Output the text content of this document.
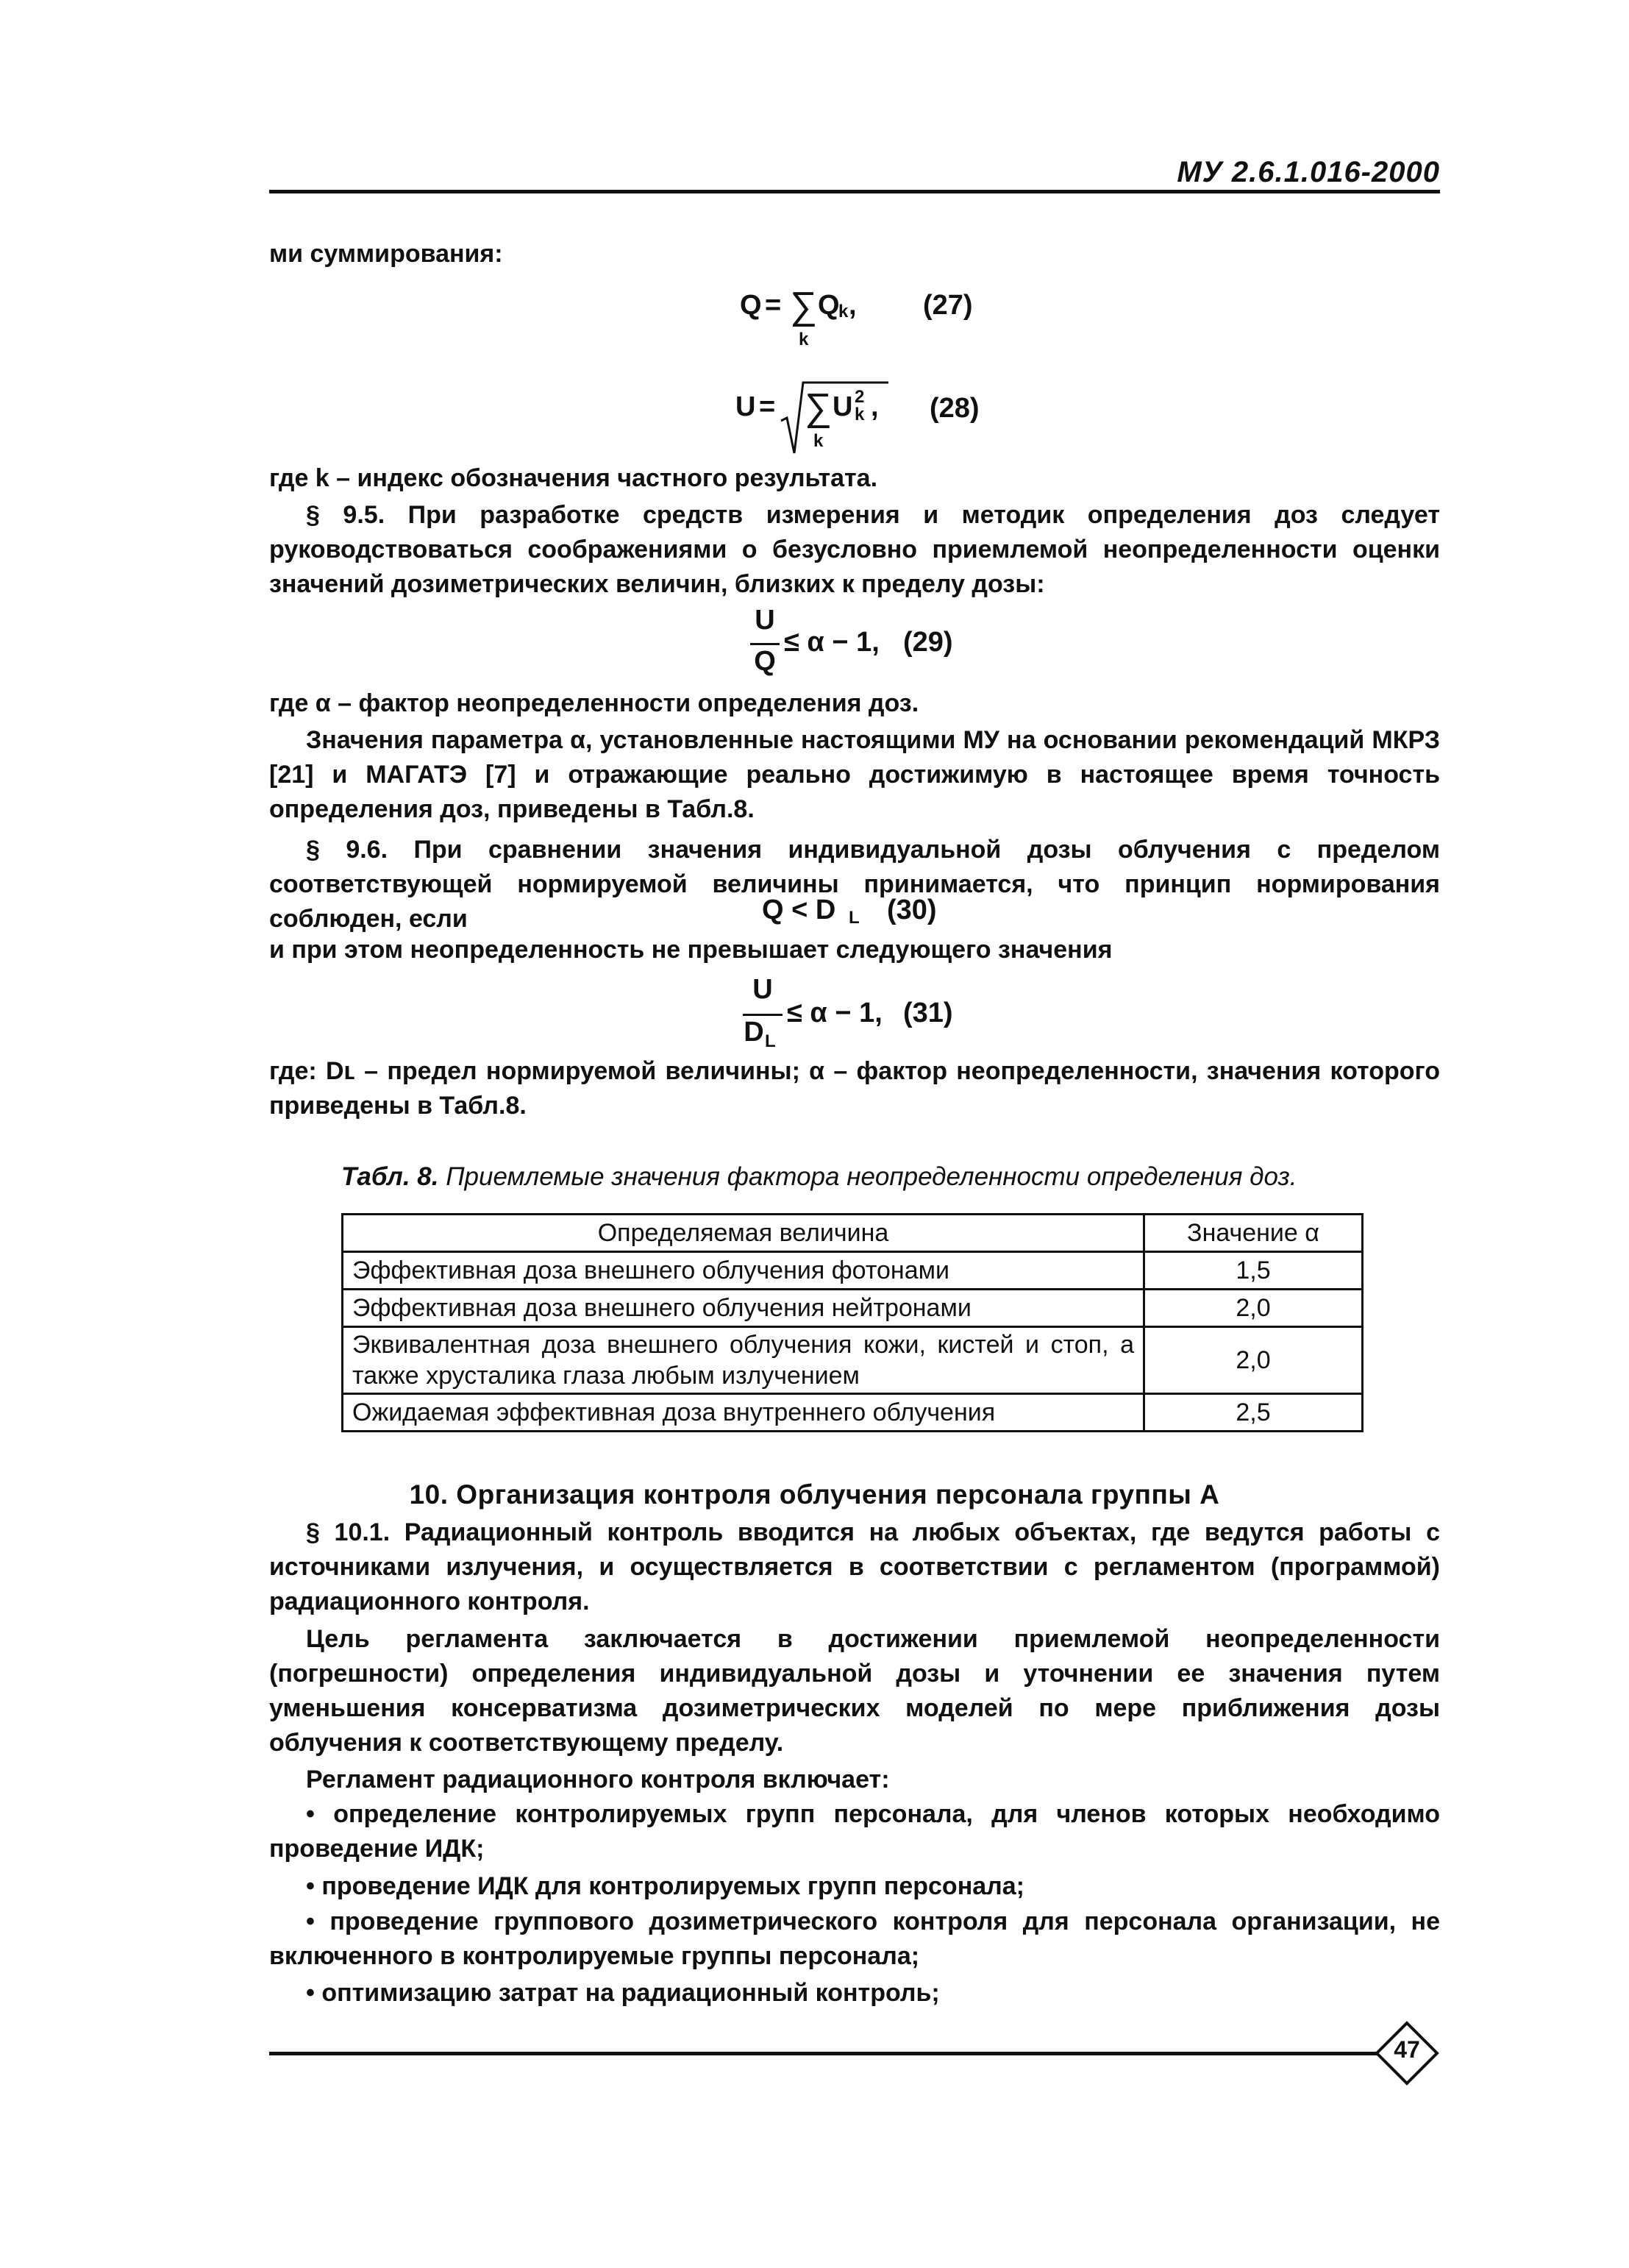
МУ 2.6.1.016-2000
ми суммирования:
Q = ∑ Q
k ,
k
(27)
U = ∑ U 2
k ,
k
(28)
где k – индекс обозначения частного результата.
§ 9.5. При разработке средств измерения и методик определения доз следует руководствоваться соображениями о безусловно приемлемой неопределенности оценки значений дозиметрических величин, близких к пределу дозы:
U
Q
≤ α − 1, (29)
где α – фактор неопределенности определения доз.
Значения параметра α, установленные настоящими МУ на основании рекомендаций МКРЗ [21] и МАГАТЭ [7] и отражающие реально достижимую в настоящее время точность определения доз, приведены в Табл.8.
§ 9.6. При сравнении значения индивидуальной дозы облучения с пределом соответствующей нормируемой величины принимается, что принцип нормирования соблюден, если	Q < D L (30)
и при этом неопределенность не превышает следующего значения
U
D L
≤ α − 1, (31)
где: Dʟ – предел нормируемой величины; α – фактор неопределенности, значения которого приведены в Табл.8.
Табл. 8. Приемлемые значения фактора неопределенности определения доз.
Определяемая величина	Значение α
Эффективная доза внешнего облучения фотонами	1,5
Эффективная доза внешнего облучения нейтронами	2,0
Эквивалентная доза внешнего облучения кожи, кистей и стоп, а также хрусталика глаза любым излучением	2,0
Ожидаемая эффективная доза внутреннего облучения	2,5
10. Организация контроля облучения персонала группы А
§ 10.1. Радиационный контроль вводится на любых объектах, где ведутся работы с источниками излучения, и осуществляется в соответствии с регламентом (программой) радиационного контроля.
Цель регламента заключается в достижении приемлемой неопределенности (погрешности) определения индивидуальной дозы и уточнении ее значения путем уменьшения консерватизма дозиметрических моделей по мере приближения дозы облучения к соответствующему пределу.
Регламент радиационного контроля включает:
• определение контролируемых групп персонала, для членов которых необходимо проведение ИДК;
• проведение ИДК для контролируемых групп персонала;
• проведение группового дозиметрического контроля для персонала организации, не включенного в контролируемые группы персонала;
• оптимизацию затрат на радиационный контроль;
47
